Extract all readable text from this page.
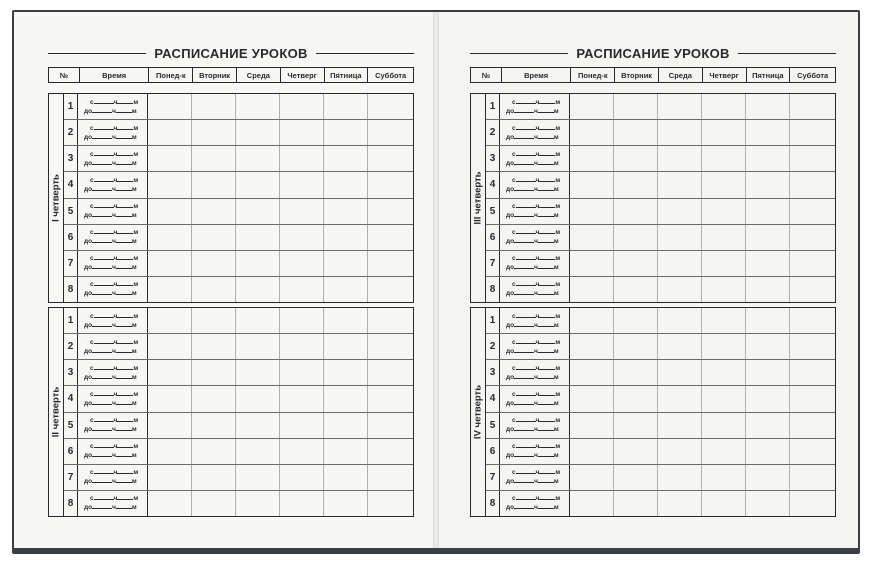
РАСПИСАНИЕ УРОКОВ
№	Время	Понед-к	Вторник	Среда	Четверг	Пятница	Суббота
I четверть
1	с	ч м
до	ч м
2	с	ч м
до	ч м
3	с	ч м
до	ч м
4	с	ч м
до	ч м
5	с	ч м
до	ч м
6	с	ч м
до	ч м
7	с	ч м
до	ч м
8	с	ч м
до	ч м
II четверть
1	с	ч м
до	ч м
2	с	ч м
до	ч м
3	с	ч м
до	ч м
4	с	ч м
до	ч м
5	с	ч м
до	ч м
6	с	ч м
до	ч м
7	с	ч м
до	ч м
8	с	ч м
до	ч м
РАСПИСАНИЕ УРОКОВ
№	Время	Понед-к	Вторник	Среда	Четверг	Пятница	Суббота
III четверть
1	с	ч м
до	ч м
2	с	ч м
до	ч м
3	с	ч м
до	ч м
4	с	ч м
до	ч м
5	с	ч м
до	ч м
6	с	ч м
до	ч м
7	с	ч м
до	ч м
8	с	ч м
до	ч м
IV четверть
1	с	ч м
до	ч м
2	с	ч м
до	ч м
3	с	ч м
до	ч м
4	с	ч м
до	ч м
5	с	ч м
до	ч м
6	с	ч м
до	ч м
7	с	ч м
до	ч м
8	с	ч м
до	ч м
